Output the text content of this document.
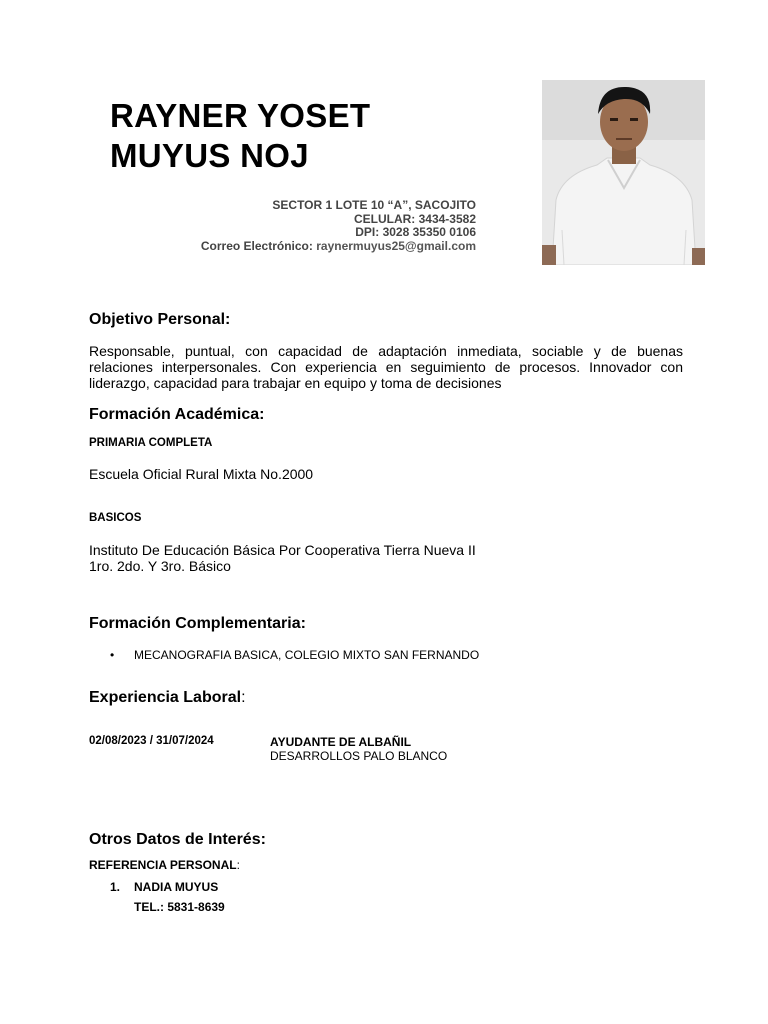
RAYNER YOSET
MUYUS NOJ
SECTOR 1 LOTE 10 “A”, SACOJITO
CELULAR: 3434-3582
DPI: 3028 35350 0106
Correo Electrónico: raynermuyus25@gmail.com
Objetivo Personal:

Responsable, puntual, con capacidad de adaptación inmediata, sociable y de buenas relaciones interpersonales. Con experiencia en seguimiento de procesos. Innovador con liderazgo, capacidad para trabajar en equipo y toma de decisiones

Formación Académica:
PRIMARIA COMPLETA
Escuela Oficial Rural Mixta No.2000
BASICOS
Instituto De Educación Básica Por Cooperativa Tierra Nueva II
1ro. 2do. Y 3ro. Básico
Formación Complementaria:
• MECANOGRAFIA BASICA, COLEGIO MIXTO SAN FERNANDO
Experiencia Laboral:
02/08/2023 / 31/07/2024	AYUDANTE DE ALBAÑIL
DESARROLLOS PALO BLANCO
Otros Datos de Interés:
REFERENCIA PERSONAL:
1. NADIA MUYUS
TEL.: 5831-8639
